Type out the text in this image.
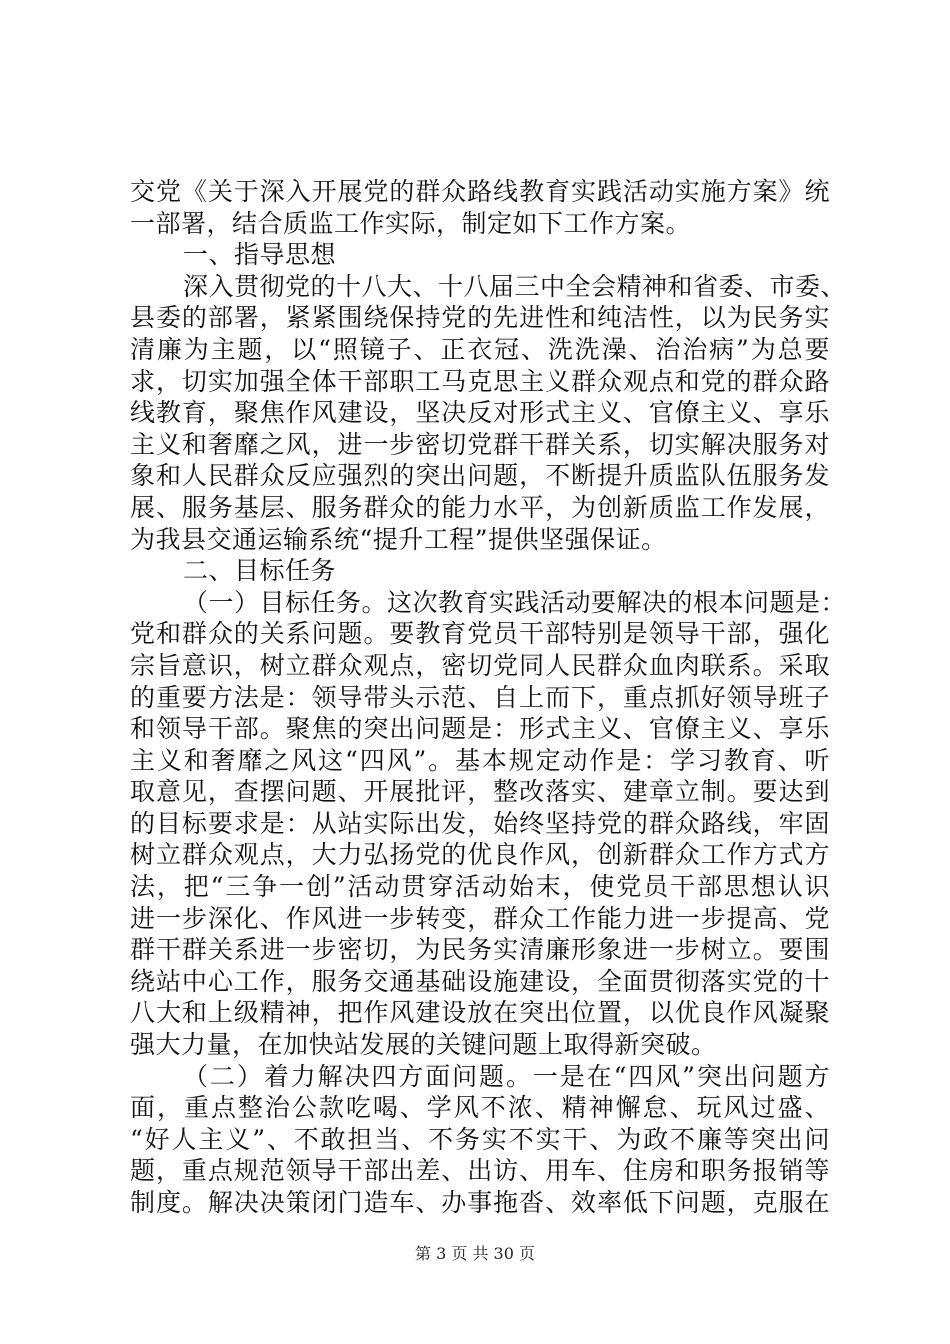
交党《关于深入开展党的群众路线教育实践活动实施方案》统
一部署，结合质监工作实际，制定如下工作方案。
一、指导思想
深入贯彻党的十八大、十八届三中全会精神和省委、市委、
县委的部署，紧紧围绕保持党的先进性和纯洁性，以为民务实
清廉为主题，以“照镜子、正衣冠、洗洗澡、治治病”为总要
求，切实加强全体干部职工马克思主义群众观点和党的群众路
线教育，聚焦作风建设，坚决反对形式主义、官僚主义、享乐
主义和奢靡之风，进一步密切党群干群关系，切实解决服务对
象和人民群众反应强烈的突出问题，不断提升质监队伍服务发
展、服务基层、服务群众的能力水平，为创新质监工作发展，
为我县交通运输系统“提升工程”提供坚强保证。
二、目标任务
（一）目标任务。这次教育实践活动要解决的根本问题是：
党和群众的关系问题。要教育党员干部特别是领导干部，强化
宗旨意识，树立群众观点，密切党同人民群众血肉联系。采取
的重要方法是：领导带头示范、自上而下，重点抓好领导班子
和领导干部。聚焦的突出问题是：形式主义、官僚主义、享乐
主义和奢靡之风这“四风”。基本规定动作是：学习教育、听
取意见，查摆问题、开展批评，整改落实、建章立制。要达到
的目标要求是：从站实际出发，始终坚持党的群众路线，牢固
树立群众观点，大力弘扬党的优良作风，创新群众工作方式方
法，把“三争一创”活动贯穿活动始末，使党员干部思想认识
进一步深化、作风进一步转变，群众工作能力进一步提高、党
群干群关系进一步密切，为民务实清廉形象进一步树立。要围
绕站中心工作，服务交通基础设施建设，全面贯彻落实党的十
八大和上级精神，把作风建设放在突出位置，以优良作风凝聚
强大力量，在加快站发展的关键问题上取得新突破。
（二）着力解决四方面问题。一是在“四风”突出问题方
面，重点整治公款吃喝、学风不浓、精神懈怠、玩风过盛、
“好人主义”、不敢担当、不务实不实干、为政不廉等突出问
题，重点规范领导干部出差、出访、用车、住房和职务报销等
制度。解决决策闭门造车、办事拖沓、效率低下问题，克服在
第 3 页 共 30 页
